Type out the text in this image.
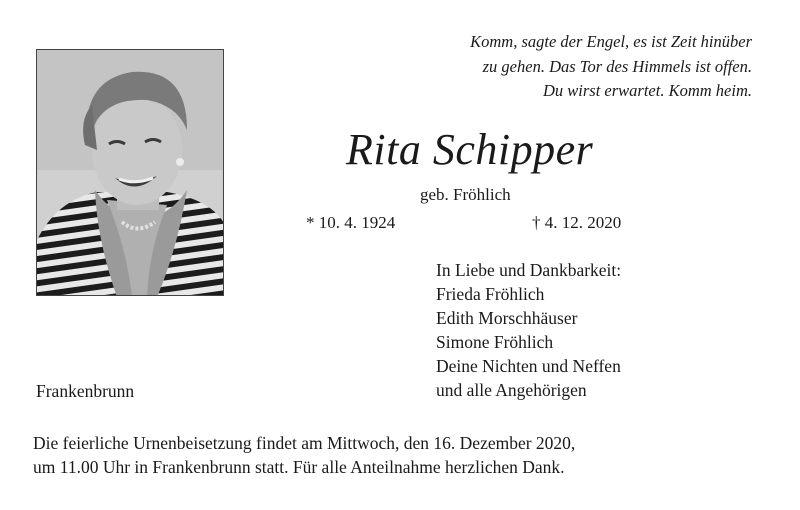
Komm, sagte der Engel, es ist Zeit hinüber
zu gehen. Das Tor des Himmels ist offen.
Du wirst erwartet. Komm heim.
Rita Schipper
geb. Fröhlich
* 10. 4. 1924	† 4. 12. 2020
In Liebe und Dankbarkeit:
Frieda Fröhlich
Edith Morschhäuser
Simone Fröhlich
Deine Nichten und Neffen
und alle Angehörigen
Frankenbrunn
Die feierliche Urnenbeisetzung findet am Mittwoch, den 16. Dezember 2020,
um 11.00 Uhr in Frankenbrunn statt. Für alle Anteilnahme herzlichen Dank.
